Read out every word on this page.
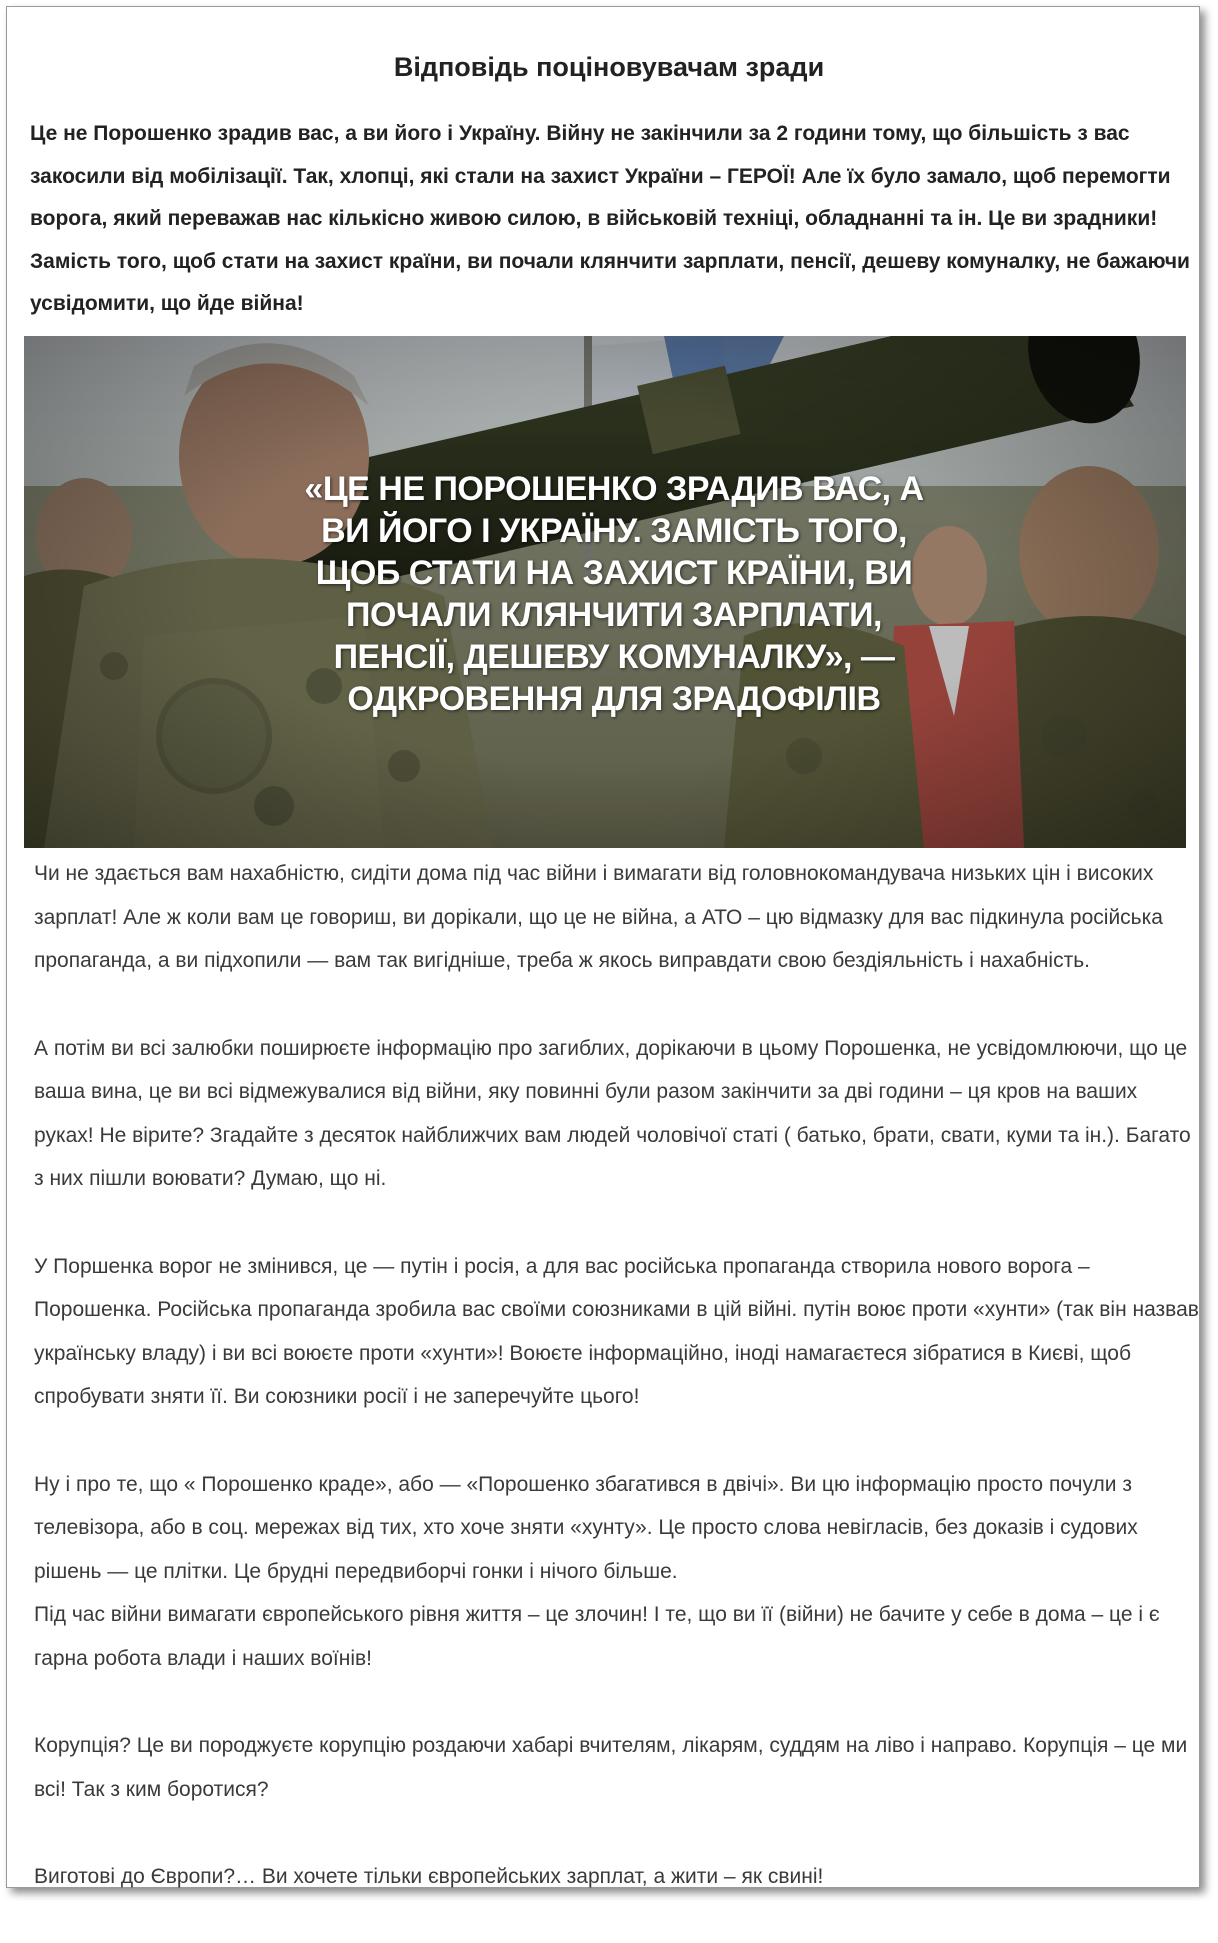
Відповідь поціновувачам зради

Це не Порошенко зрадив вас, а ви його і Україну. Війну не закінчили за 2 години тому, що більшість з вас закосили від мобілізації. Так, хлопці, які стали на захист України – ГЕРОЇ! Але їх було замало, щоб перемогти ворога, який переважав нас кількісно живою силою, в військовій техніці, обладнанні та ін. Це ви зрадники! Замість того, щоб стати на захист країни, ви почали клянчити зарплати, пенсії, дешеву комуналку, не бажаючи усвідомити, що йде війна!

«ЦЕ НЕ ПОРОШЕНКО ЗРАДИВ ВАС, А ВИ ЙОГО І УКРАЇНУ. ЗАМІСТЬ ТОГО, ЩОБ СТАТИ НА ЗАХИСТ КРАЇНИ, ВИ ПОЧАЛИ КЛЯНЧИТИ ЗАРПЛАТИ, ПЕНСІЇ, ДЕШЕВУ КОМУНАЛКУ», — ОДКРОВЕННЯ ДЛЯ ЗРАДОФІЛІВ

Чи не здається вам нахабністю, сидіти дома під час війни і вимагати від головнокомандувача низьких цін і високих зарплат! Але ж коли вам це говориш, ви дорікали, що це не війна, а АТО – цю відмазку для вас підкинула російська пропаганда, а ви підхопили — вам так вигідніше, треба ж якось виправдати свою бездіяльність і нахабність.

А потім ви всі залюбки поширюєте інформацію про загиблих, дорікаючи в цьому Порошенка, не усвідомлюючи, що це ваша вина, це ви всі відмежувалися від війни, яку повинні були разом закінчити за дві години – ця кров на ваших руках! Не вірите? Згадайте з десяток найближчих вам людей чоловічої статі ( батько, брати, свати, куми та ін.). Багато з них пішли воювати? Думаю, що ні.

У Поршенка ворог не змінився, це — путін і росія, а для вас російська пропаганда створила нового ворога – Порошенка. Російська пропаганда зробила вас своїми союзниками в цій війні. путін воює проти «хунти» (так він назвав українську владу) і ви всі воюєте проти «хунти»! Воюєте інформаційно, іноді намагаєтеся зібратися в Києві, щоб спробувати зняти її. Ви союзники росії і не заперечуйте цього!

Ну і про те, що « Порошенко краде», або — «Порошенко збагатився в двічі». Ви цю інформацію просто почули з телевізора, або в соц. мережах від тих, хто хоче зняти «хунту». Це просто слова невігласів, без доказів і судових рішень — це плітки. Це брудні передвиборчі гонки і нічого більше.

Під час війни вимагати європейського рівня життя – це злочин! І те, що ви її (війни) не бачите у себе в дома – це і є гарна робота влади і наших воїнів!

Корупція? Це ви породжуєте корупцію роздаючи хабарі вчителям, лікарям, суддям на ліво і направо. Корупція – це ми всі! Так з ким боротися?

Виготові до Європи?… Ви хочете тільки європейських зарплат, а жити – як свині!
